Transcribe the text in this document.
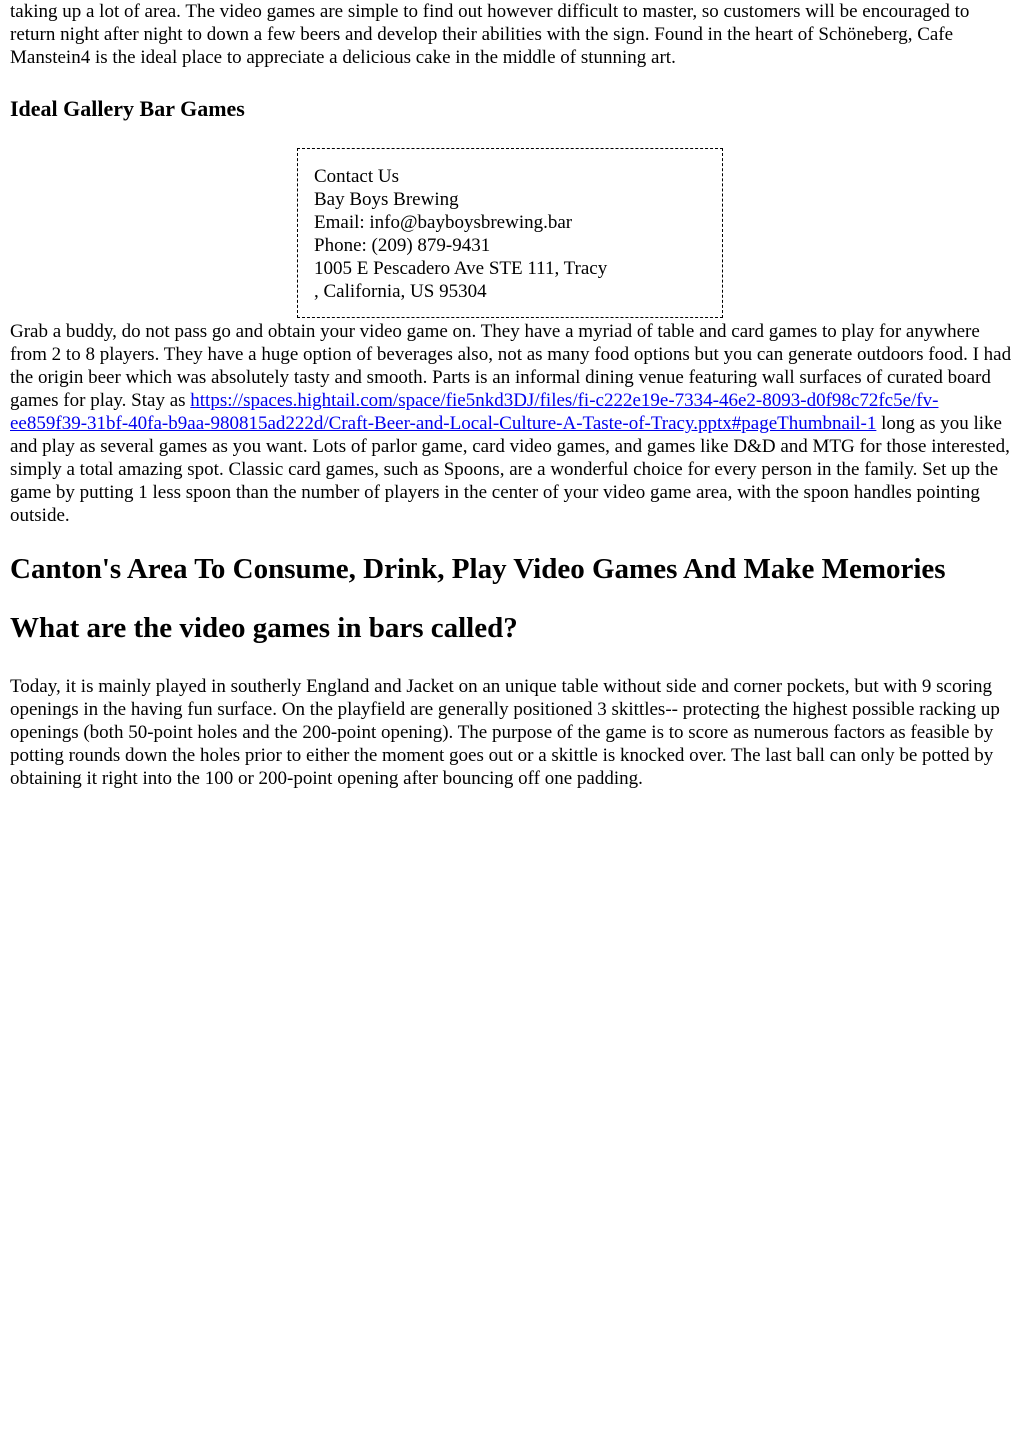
taking up a lot of area. The video games are simple to find out however difficult to master, so customers will be encouraged to return night after night to down a few beers and develop their abilities with the sign. Found in the heart of Schöneberg, Cafe Manstein4 is the ideal place to appreciate a delicious cake in the middle of stunning art.

Ideal Gallery Bar Games
Contact Us
Bay Boys Brewing
Email: info@bayboysbrewing.bar
Phone: (209) 879-9431
1005 E Pescadero Ave STE 111, Tracy
, California, US 95304

Grab a buddy, do not pass go and obtain your video game on. They have a myriad of table and card games to play for anywhere from 2 to 8 players. They have a huge option of beverages also, not as many food options but you can generate outdoors food. I had the origin beer which was absolutely tasty and smooth. Parts is an informal dining venue featuring wall surfaces of curated board games for play. Stay as https://spaces.hightail.com/space/fie5nkd3DJ/files/fi-c222e19e-7334-46e2-8093-d0f98c72fc5e/fv-ee859f39-31bf-40fa-b9aa-980815ad222d/Craft-Beer-and-Local-Culture-A-Taste-of-Tracy.pptx#pageThumbnail-1 long as you like and play as several games as you want. Lots of parlor game, card video games, and games like D&D and MTG for those interested, simply a total amazing spot. Classic card games, such as Spoons, are a wonderful choice for every person in the family. Set up the game by putting 1 less spoon than the number of players in the center of your video game area, with the spoon handles pointing outside.

Canton's Area To Consume, Drink, Play Video Games And Make Memories
What are the video games in bars called?

Today, it is mainly played in southerly England and Jacket on an unique table without side and corner pockets, but with 9 scoring openings in the having fun surface. On the playfield are generally positioned 3 skittles-- protecting the highest possible racking up openings (both 50-point holes and the 200-point opening). The purpose of the game is to score as numerous factors as feasible by potting rounds down the holes prior to either the moment goes out or a skittle is knocked over. The last ball can only be potted by obtaining it right into the 100 or 200-point opening after bouncing off one padding.
